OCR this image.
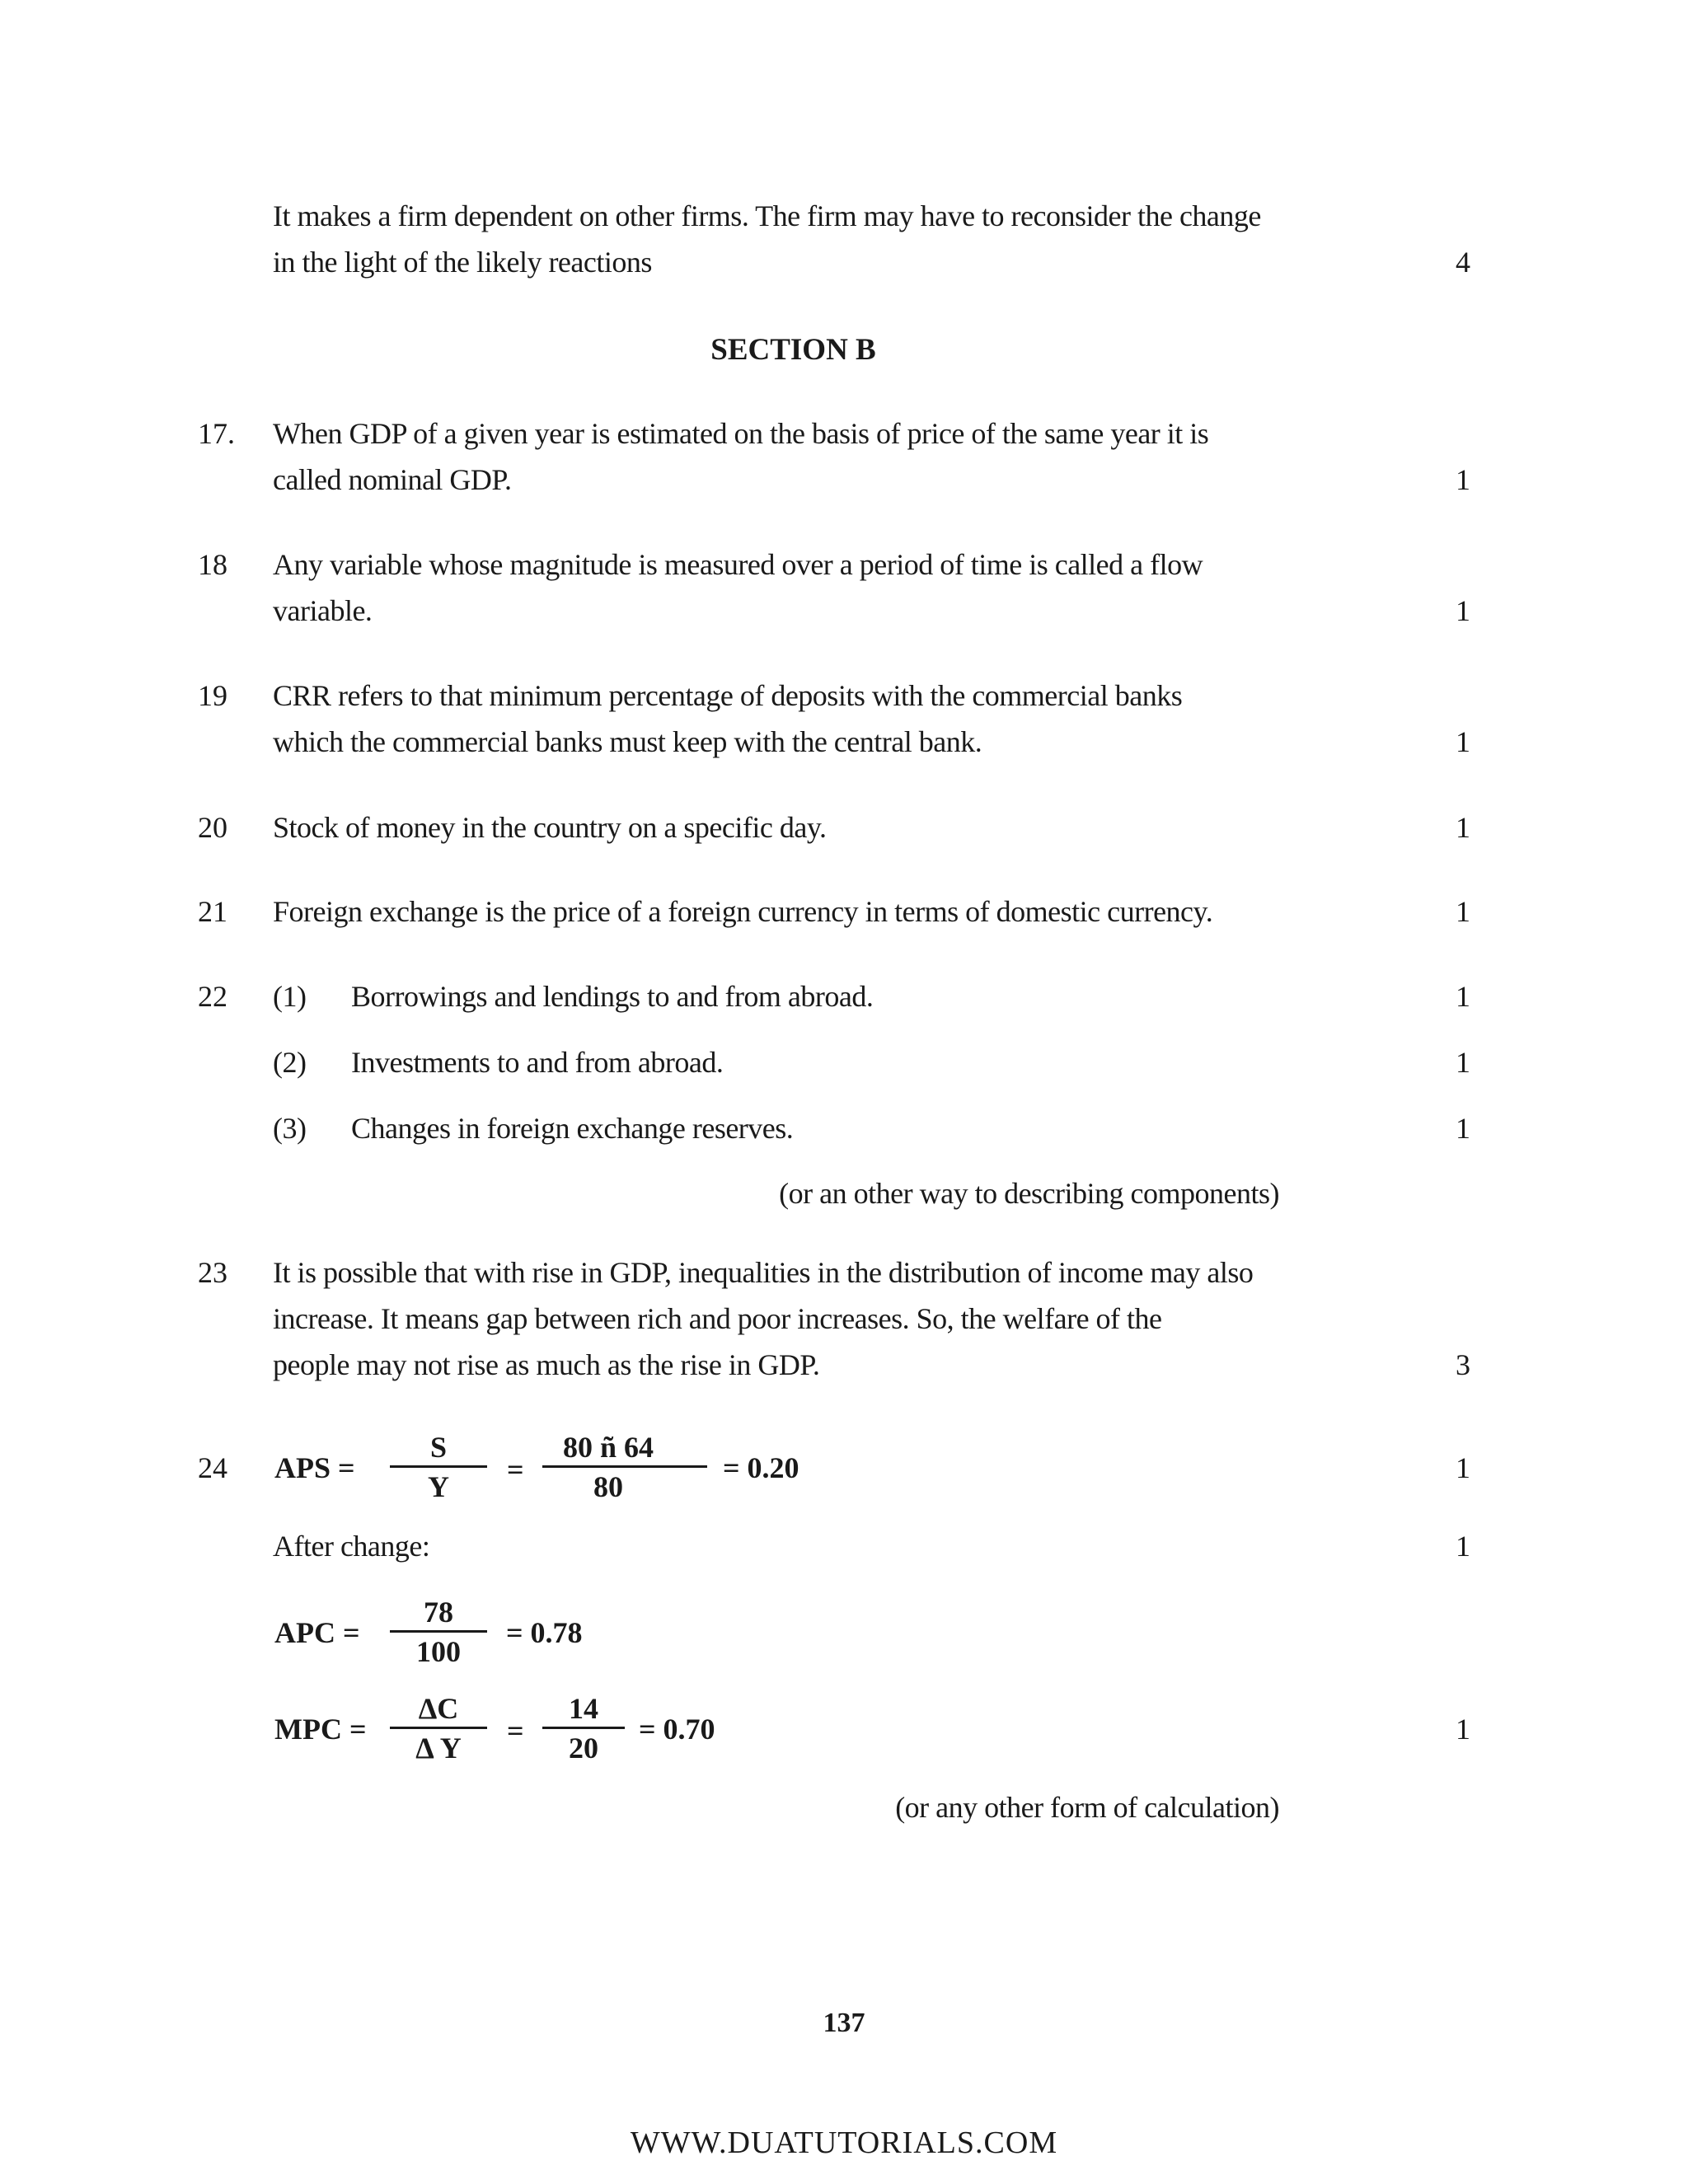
It makes a firm dependent on other firms. The firm may have to reconsider the change
in the light of the likely reactions	4
SECTION B
17. When GDP of a given year is estimated on the basis of price of the same year it is
called nominal GDP.	1
18 Any variable whose magnitude is measured over a period of time is called a flow
variable.	1
19 CRR refers to that minimum percentage of deposits with the commercial banks
which the commercial banks must keep with the central bank.	1
20 Stock of money in the country on a specific day.	1
21 Foreign exchange is the price of a foreign currency in terms of domestic currency.	1
22 (1) Borrowings and lendings to and from abroad.	1
(2) Investments to and from abroad.	1
(3) Changes in foreign exchange reserves.	1
(or an other way to describing components)
23 It is possible that with rise in GDP, inequalities in the distribution of income may also
increase. It means gap between rich and poor increases. So, the welfare of the
people may not rise as much as the rise in GDP.	3
24 APS =
S
Y
=
80 ñ 64
80
= 0.20	1
After change:	1
APC =
78
100
= 0.78
MPC =
ΔC
Δ Y
=
14
20
= 0.70	1
(or any other form of calculation)
137
WWW.DUATUTORIALS.COM
